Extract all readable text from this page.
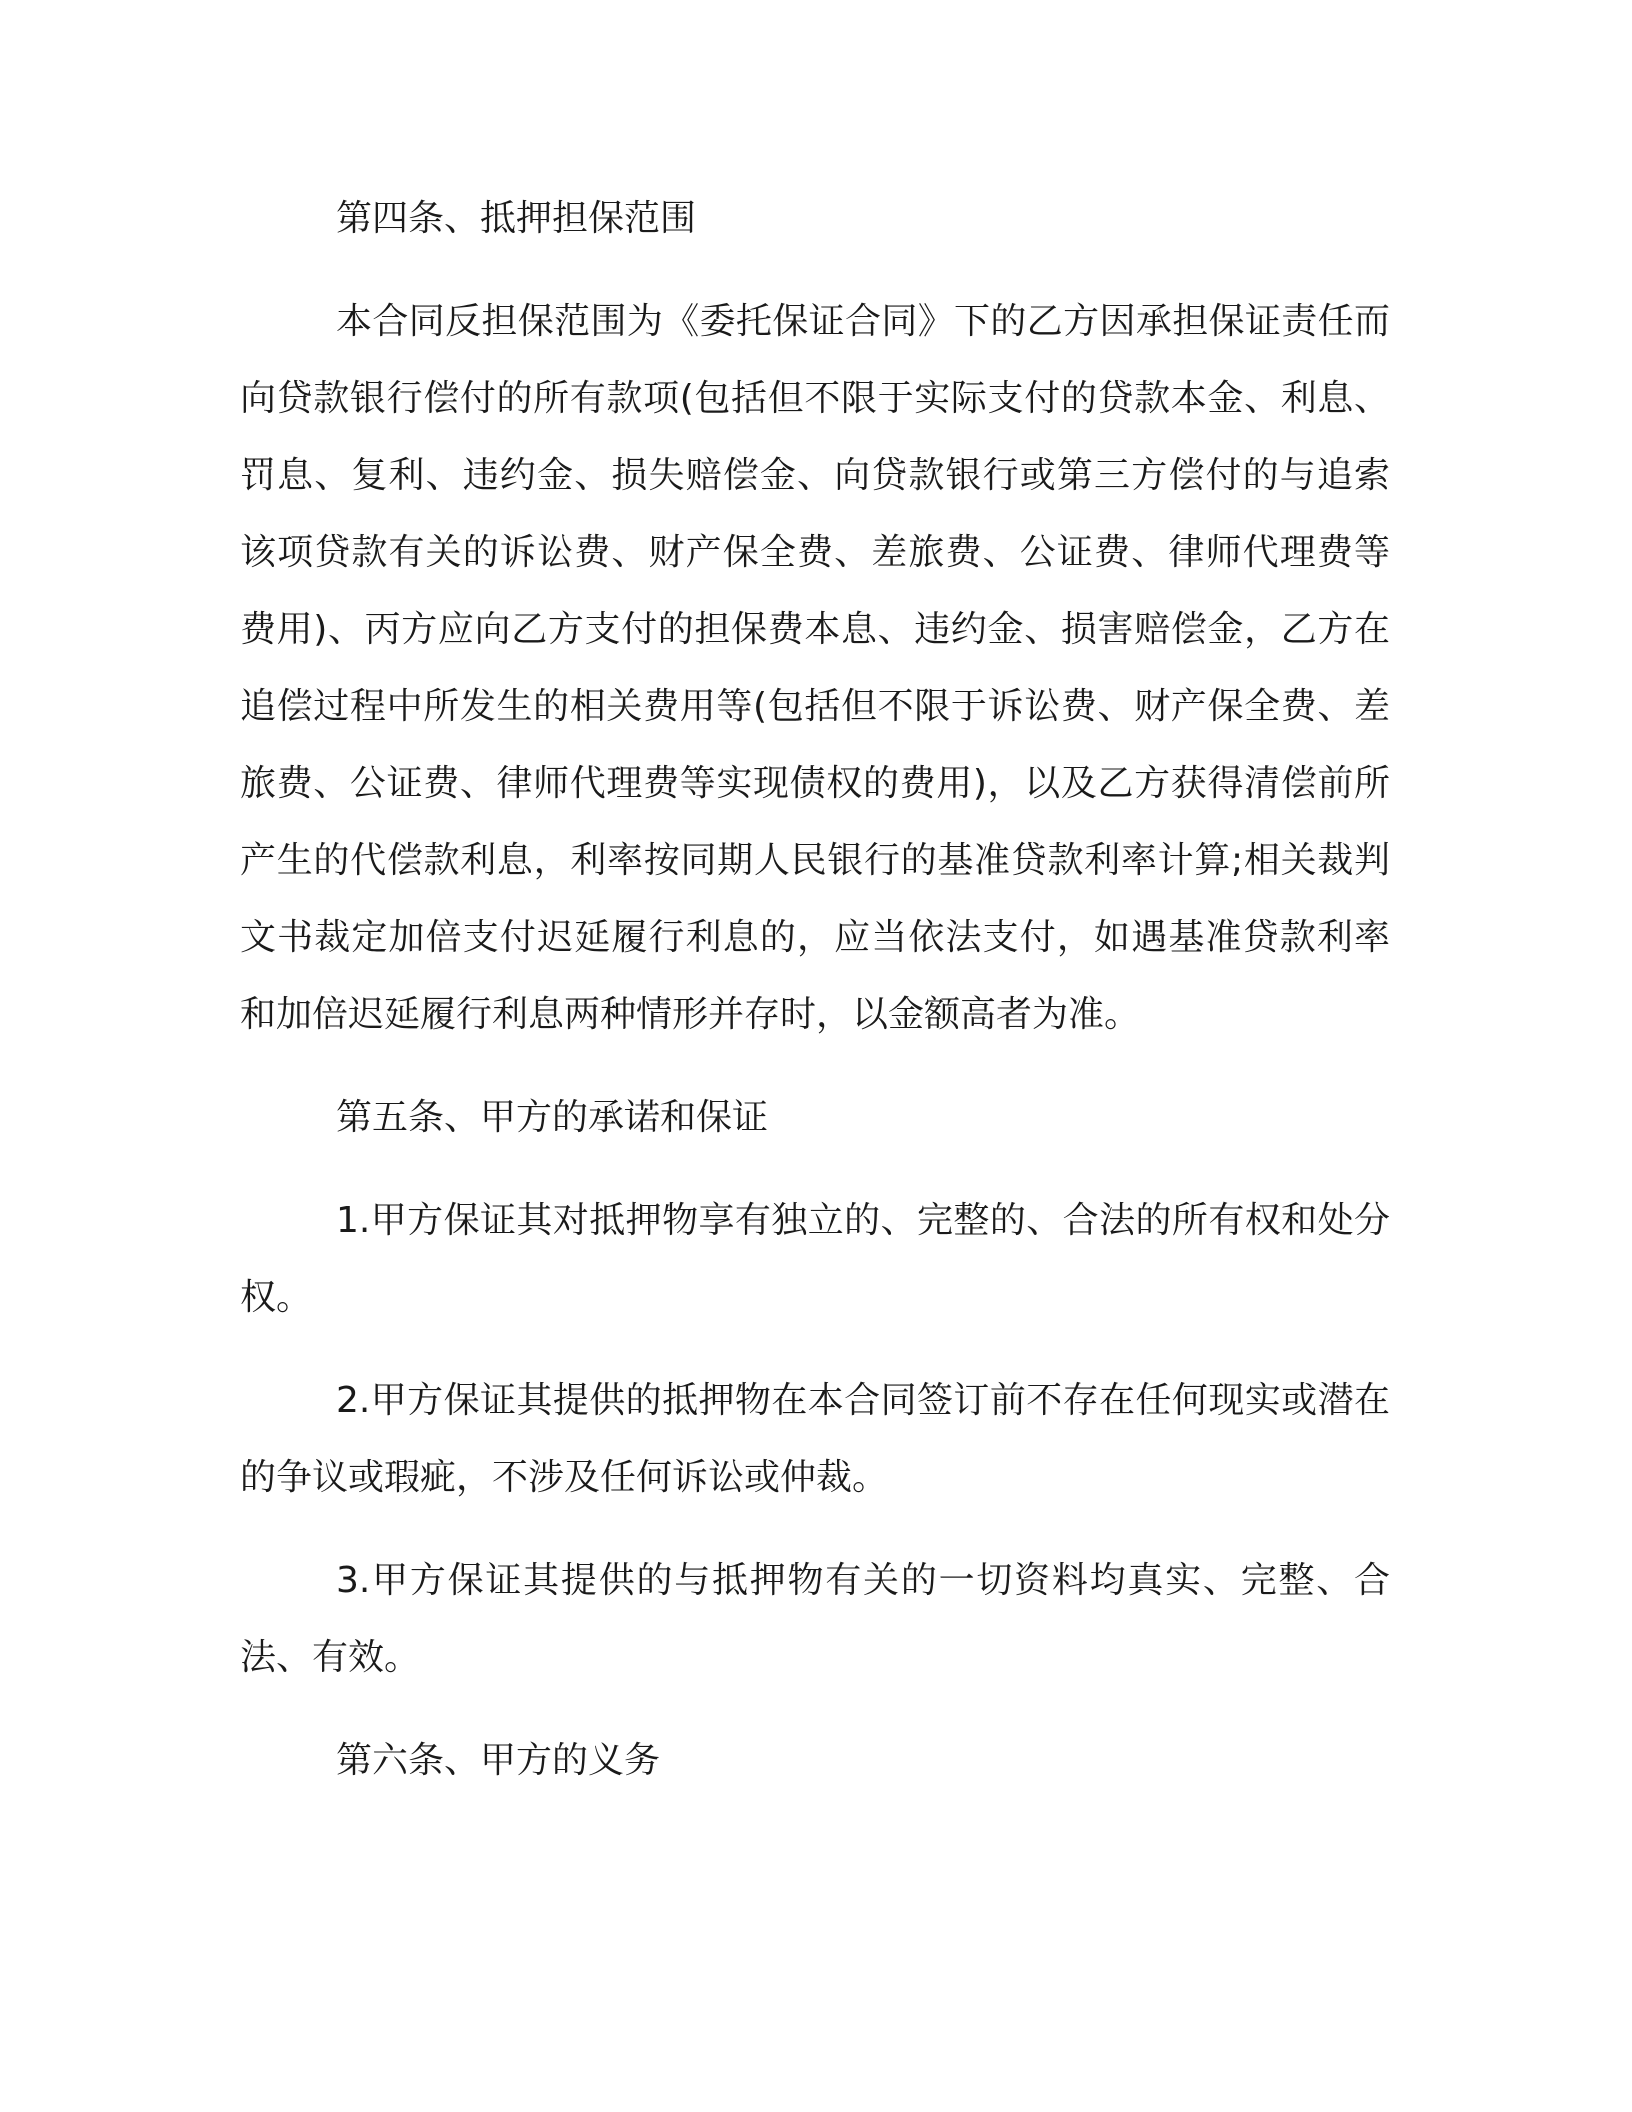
第四条、抵押担保范围

本合同反担保范围为《委托保证合同》下的乙方因承担保证责任而向贷款银行偿付的所有款项(包括但不限于实际支付的贷款本金、利息、罚息、复利、违约金、损失赔偿金、向贷款银行或第三方偿付的与追索该项贷款有关的诉讼费、财产保全费、差旅费、公证费、律师代理费等费用)、丙方应向乙方支付的担保费本息、违约金、损害赔偿金，乙方在追偿过程中所发生的相关费用等(包括但不限于诉讼费、财产保全费、差旅费、公证费、律师代理费等实现债权的费用)，以及乙方获得清偿前所产生的代偿款利息，利率按同期人民银行的基准贷款利率计算;相关裁判文书裁定加倍支付迟延履行利息的，应当依法支付，如遇基准贷款利率和加倍迟延履行利息两种情形并存时，以金额高者为准。

第五条、甲方的承诺和保证

1.甲方保证其对抵押物享有独立的、完整的、合法的所有权和处分权。

2.甲方保证其提供的抵押物在本合同签订前不存在任何现实或潜在的争议或瑕疵，不涉及任何诉讼或仲裁。

3.甲方保证其提供的与抵押物有关的一切资料均真实、完整、合法、有效。

第六条、甲方的义务
